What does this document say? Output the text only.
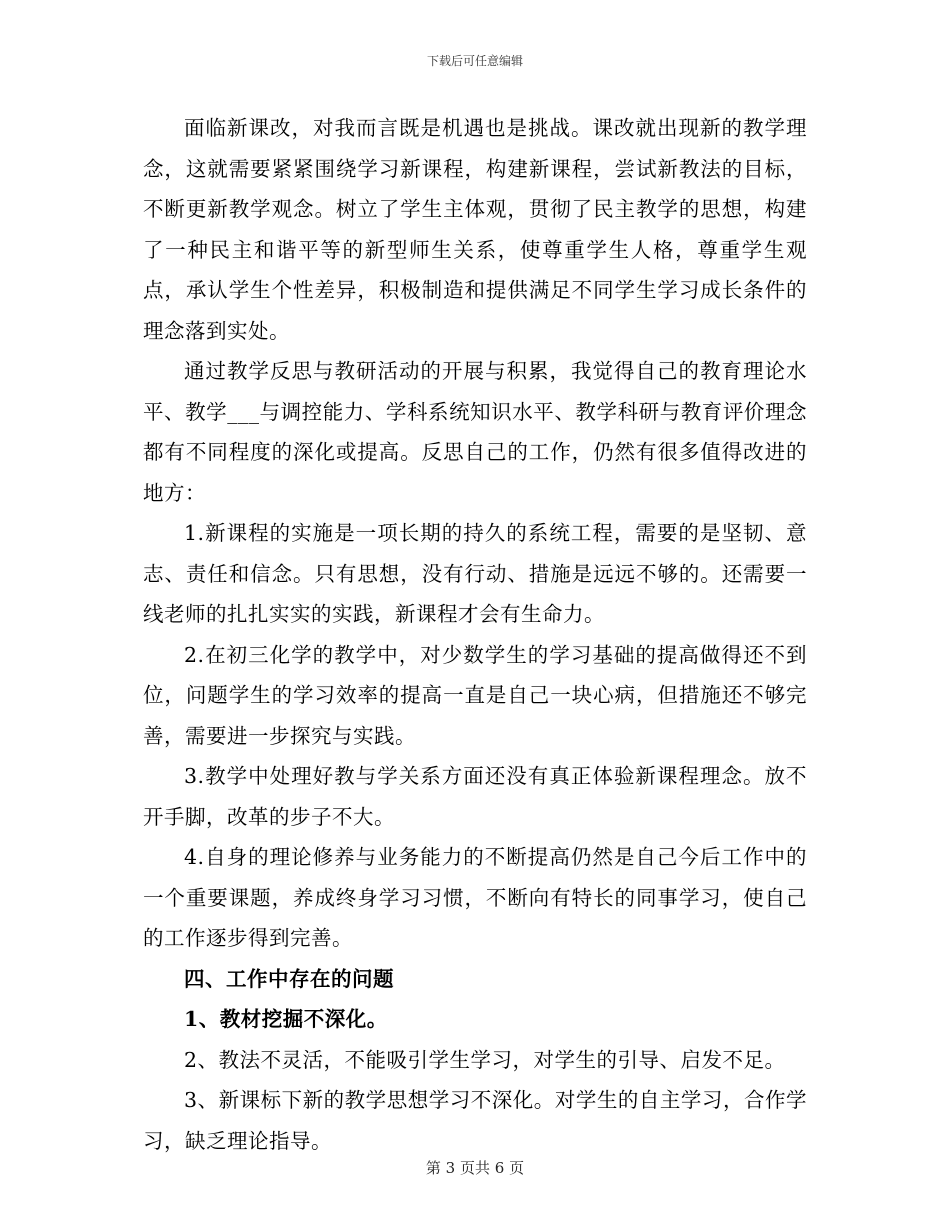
下载后可任意编辑

面临新课改，对我而言既是机遇也是挑战。课改就出现新的教学理念，这就需要紧紧围绕学习新课程，构建新课程，尝试新教法的目标，不断更新教学观念。树立了学生主体观，贯彻了民主教学的思想，构建了一种民主和谐平等的新型师生关系，使尊重学生人格，尊重学生观点，承认学生个性差异，积极制造和提供满足不同学生学习成长条件的理念落到实处。

通过教学反思与教研活动的开展与积累，我觉得自己的教育理论水平、教学___与调控能力、学科系统知识水平、教学科研与教育评价理念都有不同程度的深化或提高。反思自己的工作，仍然有很多值得改进的地方：

1.新课程的实施是一项长期的持久的系统工程，需要的是坚韧、意志、责任和信念。只有思想，没有行动、措施是远远不够的。还需要一线老师的扎扎实实的实践，新课程才会有生命力。

2.在初三化学的教学中，对少数学生的学习基础的提高做得还不到位，问题学生的学习效率的提高一直是自己一块心病，但措施还不够完善，需要进一步探究与实践。

3.教学中处理好教与学关系方面还没有真正体验新课程理念。放不开手脚，改革的步子不大。

4.自身的理论修养与业务能力的不断提高仍然是自己今后工作中的一个重要课题，养成终身学习习惯，不断向有特长的同事学习，使自己的工作逐步得到完善。

四、工作中存在的问题

1、教材挖掘不深化。

2、教法不灵活，不能吸引学生学习，对学生的引导、启发不足。

3、新课标下新的教学思想学习不深化。对学生的自主学习，合作学习，缺乏理论指导。

第 3 页共 6 页
